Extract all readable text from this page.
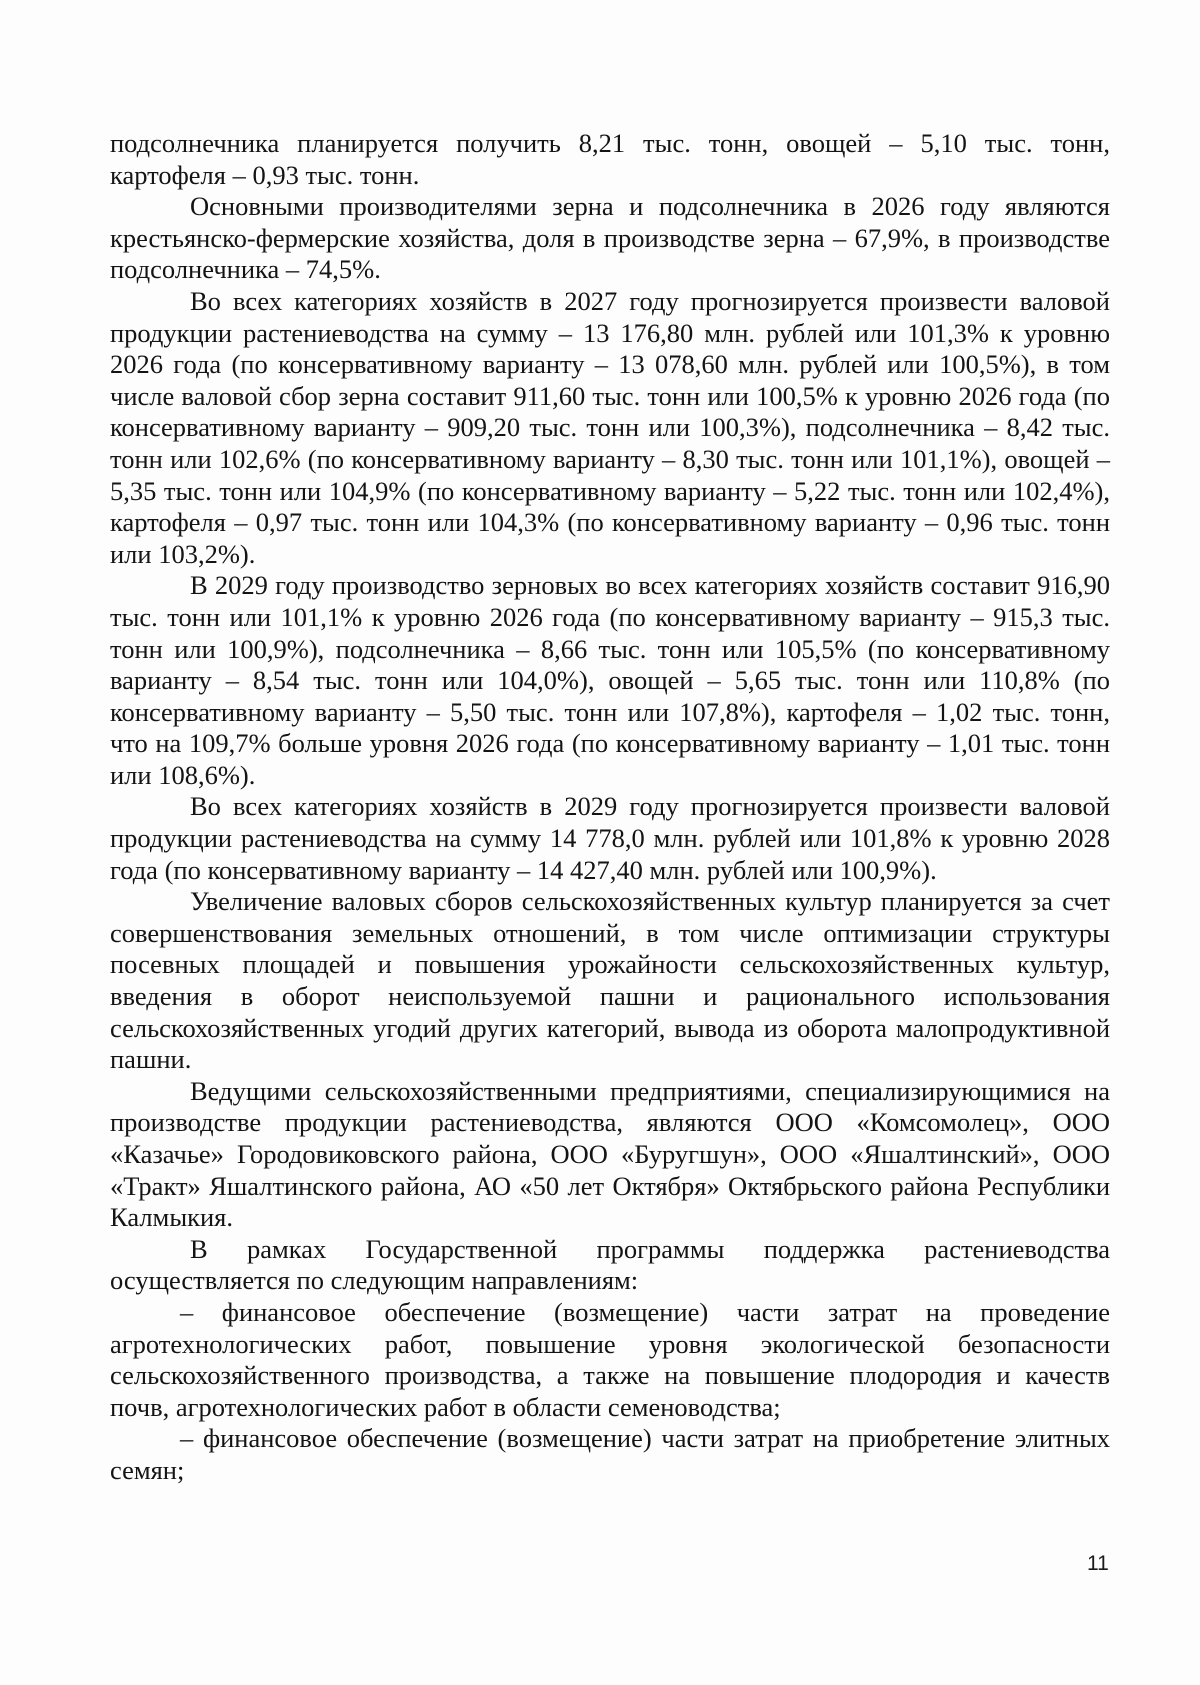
подсолнечника планируется получить 8,21 тыс. тонн, овощей – 5,10 тыс. тонн, картофеля – 0,93 тыс. тонн.

Основными производителями зерна и подсолнечника в 2026 году являются крестьянско-фермерские хозяйства, доля в производстве зерна – 67,9%, в производстве подсолнечника – 74,5%.

Во всех категориях хозяйств в 2027 году прогнозируется произвести валовой продукции растениеводства на сумму – 13 176,80 млн. рублей или 101,3% к уровню 2026 года (по консервативному варианту – 13 078,60 млн. рублей или 100,5%), в том числе валовой сбор зерна составит 911,60 тыс. тонн или 100,5% к уровню 2026 года (по консервативному варианту – 909,20 тыс. тонн или 100,3%), подсолнечника – 8,42 тыс. тонн или 102,6% (по консервативному варианту – 8,30 тыс. тонн или 101,1%), овощей – 5,35 тыс. тонн или 104,9% (по консервативному варианту – 5,22 тыс. тонн или 102,4%), картофеля – 0,97 тыс. тонн или 104,3% (по консервативному варианту – 0,96 тыс. тонн или 103,2%).

В 2029 году производство зерновых во всех категориях хозяйств составит 916,90 тыс. тонн или 101,1% к уровню 2026 года (по консервативному варианту – 915,3 тыс. тонн или 100,9%), подсолнечника – 8,66 тыс. тонн или 105,5% (по консервативному варианту – 8,54 тыс. тонн или 104,0%), овощей – 5,65 тыс. тонн или 110,8% (по консервативному варианту – 5,50 тыс. тонн или 107,8%), картофеля – 1,02 тыс. тонн, что на 109,7% больше уровня 2026 года (по консервативному варианту – 1,01 тыс. тонн или 108,6%).

Во всех категориях хозяйств в 2029 году прогнозируется произвести валовой продукции растениеводства на сумму 14 778,0 млн. рублей или 101,8% к уровню 2028 года (по консервативному варианту – 14 427,40 млн. рублей или 100,9%).

Увеличение валовых сборов сельскохозяйственных культур планируется за счет совершенствования земельных отношений, в том числе оптимизации структуры посевных площадей и повышения урожайности сельскохозяйственных культур, введения в оборот неиспользуемой пашни и рационального использования сельскохозяйственных угодий других категорий, вывода из оборота малопродуктивной пашни.

Ведущими сельскохозяйственными предприятиями, специализирующимися на производстве продукции растениеводства, являются ООО «Комсомолец», ООО «Казачье» Городовиковского района, ООО «Буругшун», ООО «Яшалтинский», ООО «Тракт» Яшалтинского района, АО «50 лет Октября» Октябрьского района Республики Калмыкия.

В рамках Государственной программы поддержка растениеводства осуществляется по следующим направлениям:

– финансовое обеспечение (возмещение) части затрат на проведение агротехнологических работ, повышение уровня экологической безопасности сельскохозяйственного производства, а также на повышение плодородия и качеств почв, агротехнологических работ в области семеноводства;

– финансовое обеспечение (возмещение) части затрат на приобретение элитных семян;

11
